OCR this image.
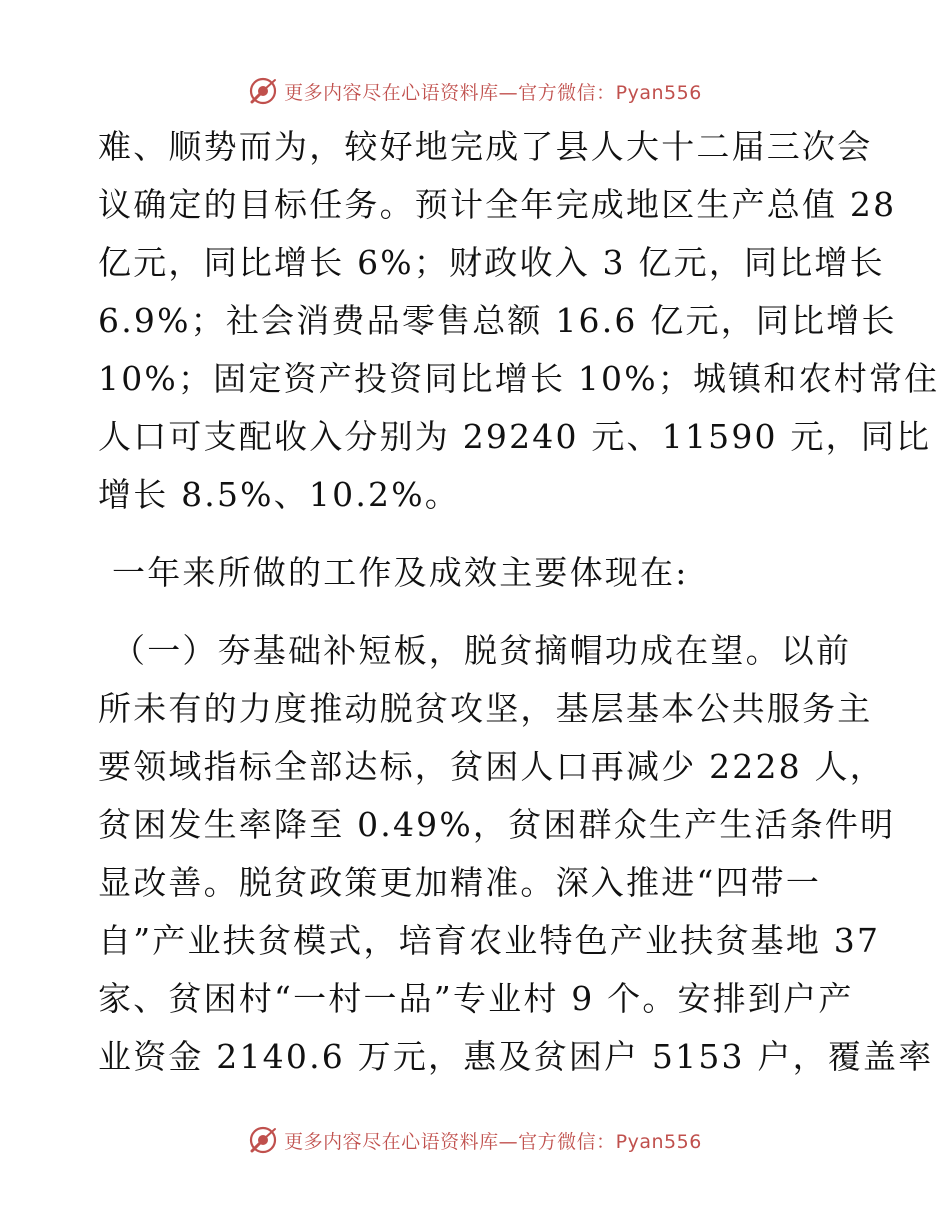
更多内容尽在心语资料库—官方微信：Pyan556
难、顺势而为，较好地完成了县人大十二届三次会
议确定的目标任务。预计全年完成地区生产总值 28
亿元，同比增长 6%；财政收入 3 亿元，同比增长
6.9%；社会消费品零售总额 16.6 亿元，同比增长
10%；固定资产投资同比增长 10%；城镇和农村常住
人口可支配收入分别为 29240 元、11590 元，同比
增长 8.5%、10.2%。
一年来所做的工作及成效主要体现在:
（一）夯基础补短板，脱贫摘帽功成在望。以前
所未有的力度推动脱贫攻坚，基层基本公共服务主
要领域指标全部达标，贫困人口再减少 2228 人，
贫困发生率降至 0.49%，贫困群众生产生活条件明
显改善。脱贫政策更加精准。深入推进“四带一
自”产业扶贫模式，培育农业特色产业扶贫基地 37
家、贫困村“一村一品”专业村 9 个。安排到户产
业资金 2140.6 万元，惠及贫困户 5153 户，覆盖率
更多内容尽在心语资料库—官方微信：Pyan556
